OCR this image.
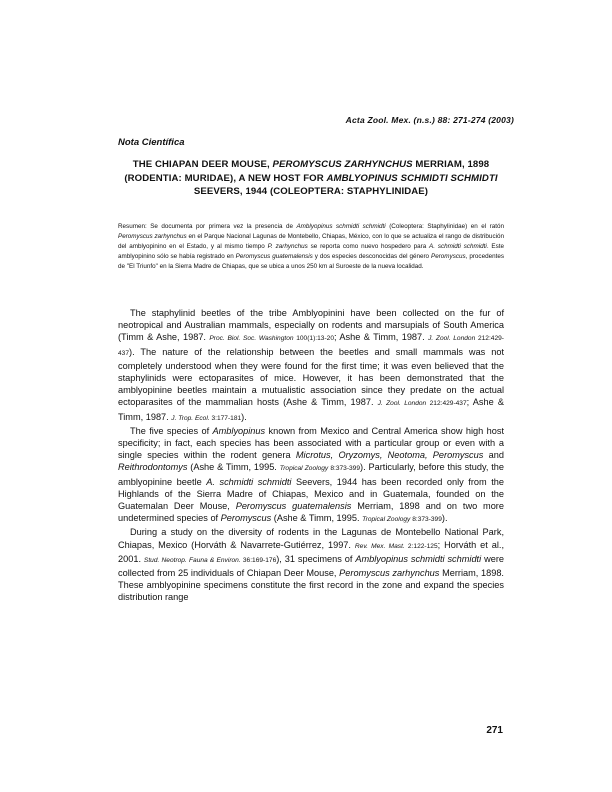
Acta Zool. Mex. (n.s.) 88: 271-274 (2003)
Nota Científica
THE CHIAPAN DEER MOUSE, PEROMYSCUS ZARHYNCHUS MERRIAM, 1898 (RODENTIA: MURIDAE), A NEW HOST FOR AMBLYOPINUS SCHMIDTI SCHMIDTI SEEVERS, 1944 (COLEOPTERA: STAPHYLINIDAE)
Resumen: Se documenta por primera vez la presencia de Amblyopinus schmidti schmidti (Coleoptera: Staphylinidae) en el ratón Peromyscus zarhynchus en el Parque Nacional Lagunas de Montebello, Chiapas, México, con lo que se actualiza el rango de distribución del amblyopinino en el Estado, y al mismo tiempo P. zarhynchus se reporta como nuevo hospedero para A. schmidti schmidti. Este amblyopinino sólo se había registrado en Peromyscus guatemalensis y dos especies desconocidas del género Peromyscus, procedentes de "El Triunfo" en la Sierra Madre de Chiapas, que se ubica a unos 250 km al Suroeste de la nueva localidad.

The staphylinid beetles of the tribe Amblyopinini have been collected on the fur of neotropical and Australian mammals, especially on rodents and marsupials of South America (Timm & Ashe, 1987. Proc. Biol. Soc. Washington 100(1):13-20; Ashe & Timm, 1987. J. Zool. London 212:429-437). The nature of the relationship between the beetles and small mammals was not completely understood when they were found for the first time; it was even believed that the staphylinids were ectoparasites of mice. However, it has been demonstrated that the amblyopinine beetles maintain a mutualistic association since they predate on the actual ectoparasites of the mammalian hosts (Ashe & Timm, 1987. J. Zool. London 212:429-437; Ashe & Timm, 1987. J. Trop. Ecol. 3:177-181).

The five species of Amblyopinus known from Mexico and Central America show high host specificity; in fact, each species has been associated with a particular group or even with a single species within the rodent genera Microtus, Oryzomys, Neotoma, Peromyscus and Reithrodontomys (Ashe & Timm, 1995. Tropical Zoology 8:373-399). Particularly, before this study, the amblyopinine beetle A. schmidti schmidti Seevers, 1944 has been recorded only from the Highlands of the Sierra Madre of Chiapas, Mexico and in Guatemala, founded on the Guatemalan Deer Mouse, Peromyscus guatemalensis Merriam, 1898 and on two more undetermined species of Peromyscus (Ashe & Timm, 1995. Tropical Zoology 8:373-399).

During a study on the diversity of rodents in the Lagunas de Montebello National Park, Chiapas, Mexico (Horváth & Navarrete-Gutiérrez, 1997. Rev. Mex. Mast. 2:122-125; Horváth et al., 2001. Stud. Neotrop. Fauna & Environ. 36:169-176), 31 specimens of Amblyopinus schmidti schmidti were collected from 25 individuals of Chiapan Deer Mouse, Peromyscus zarhynchus Merriam, 1898. These amblyopinine specimens constitute the first record in the zone and expand the species distribution range

271
